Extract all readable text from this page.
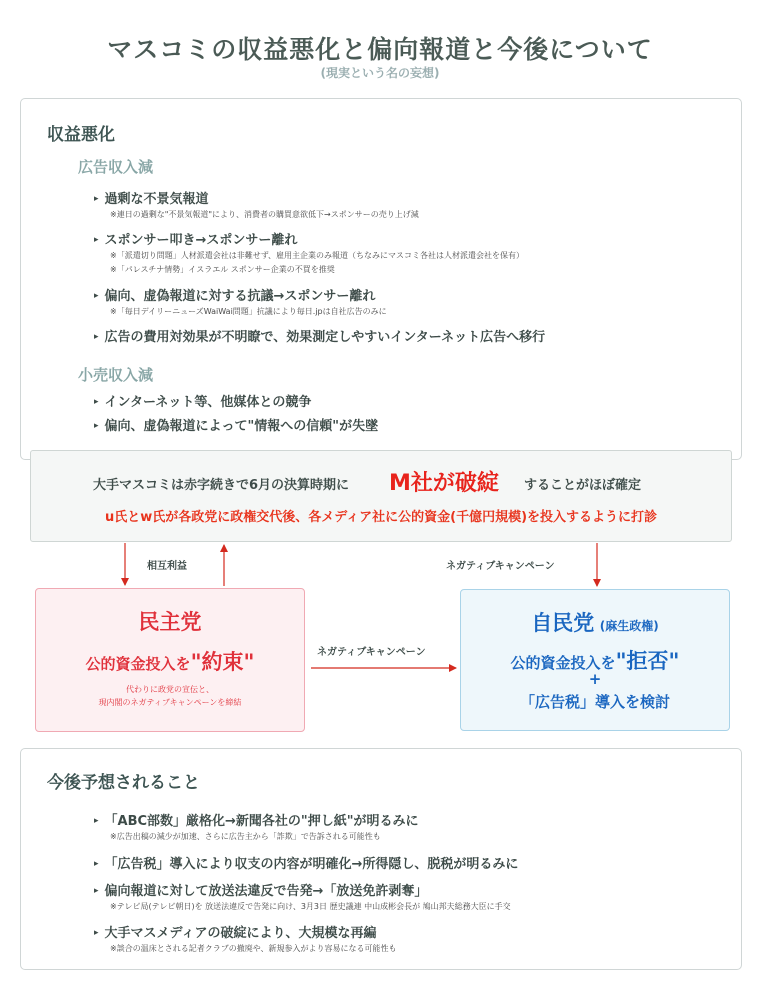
マスコミの収益悪化と偏向報道と今後について
(現実という名の妄想)
収益悪化
広告収入減
▸ 過剰な不景気報道
※連日の過剰な"不景気報道"により、消費者の購買意欲低下→スポンサーの売り上げ減
▸ スポンサー叩き→スポンサー離れ
※「派遣切り問題」人材派遣会社は非難せず、雇用主企業のみ報道（ちなみにマスコミ各社は人材派遣会社を保有）
※「パレスチナ情勢」イスラエル スポンサー企業の不買を推奨
▸ 偏向、虚偽報道に対する抗議→スポンサー離れ
※「毎日デイリーニューズWaiWai問題」抗議により毎日.jpは自社広告のみに
▸ 広告の費用対効果が不明瞭で、効果測定しやすいインターネット広告へ移行
小売収入減
▸ インターネット等、他媒体との競争
▸ 偏向、虚偽報道によって"情報への信頼"が失墜
大手マスコミは赤字続きで6月の決算時期に M社が破綻 することがほぼ確定
u氏とw氏が各政党に政権交代後、各メディア社に公的資金(千億円規模)を投入するように打診
相互利益	ネガティブキャンペーン
ネガティブキャンペーン
民主党
公的資金投入を"約束"
代わりに政党の宣伝と、
現内閣のネガティブキャンペーンを締結
自民党 (麻生政権)
公的資金投入を"拒否"
+
「広告税」導入を検討
今後予想されること
▸ 「ABC部数」厳格化→新聞各社の"押し紙"が明るみに
※広告出稿の減少が加速、さらに広告主から「詐欺」で告訴される可能性も
▸ 「広告税」導入により収支の内容が明確化→所得隠し、脱税が明るみに
▸ 偏向報道に対して放送法違反で告発→「放送免許剥奪」
※テレビ局(テレビ朝日)を 放送法違反で告発に向け、3月3日 歴史議連 中山成彬会長が 鳩山邦夫総務大臣に手交
▸ 大手マスメディアの破綻により、大規模な再編
※談合の温床とされる記者クラブの撤廃や、新規参入がより容易になる可能性も
